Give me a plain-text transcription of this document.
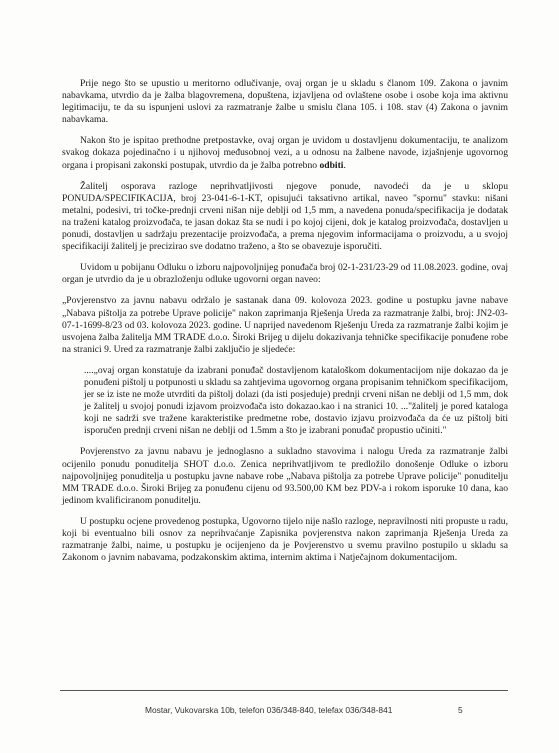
Prije nego što se upustio u meritorno odlučivanje, ovaj organ je u skladu s članom 109. Zakona o javnim nabavkama, utvrdio da je žalba blagovremena, dopuštena, izjavljena od ovlaštene osobe i osobe koja ima aktivnu legitimaciju, te da su ispunjeni uslovi za razmatranje žalbe u smislu člana 105. i 108. stav (4) Zakona o javnim nabavkama.

Nakon što je ispitao prethodne pretpostavke, ovaj organ je uvidom u dostavljenu dokumentaciju, te analizom svakog dokaza pojedinačno i u njihovoj međusobnoj vezi, a u odnosu na žalbene navode, izjašnjenje ugovornog organa i propisani zakonski postupak, utvrdio da je žalba potrebno odbiti.

Žalitelj osporava razloge neprihvatljivosti njegove ponude, navodeći da je u sklopu PONUDA/SPECIFIKACIJA, broj 23-041-6-1-KT, opisujući taksativno artikal, naveo "spornu" stavku: nišani metalni, podesivi, tri točke-prednji crveni nišan nije deblji od 1,5 mm, a navedena ponuda/specifikacija je dodatak na traženi katalog proizvođača, te jasan dokaz šta se nudi i po kojoj cijeni, dok je katalog proizvođača, dostavljen u ponudi, dostavljen u sadržaju prezentacije proizvođača, a prema njegovim informacijama o proizvodu, a u svojoj specifikaciji žalitelj je precizirao sve dodatno traženo, a što se obavezuje isporučiti.

Uvidom u pobijanu Odluku o izboru najpovoljnijeg ponuđača broj 02-1-231/23-29 od 11.08.2023. godine, ovaj organ je utvrdio da je u obrazloženju odluke ugovorni organ naveo:

„Povjerenstvo za javnu nabavu održalo je sastanak dana 09. kolovoza 2023. godine u postupku javne nabave „Nabava pištolja za potrebe Uprave policije" nakon zaprimanja Rješenja Ureda za razmatranje žalbi, broj: JN2-03-07-1-1699-8/23 od 03. kolovoza 2023. godine. U naprijed navedenom Rješenju Ureda za razmatranje žalbi kojim je usvojena žalba žalitelja MM TRADE d.o.o. Široki Brijeg u dijelu dokazivanja tehničke specifikacije ponuđene robe na stranici 9. Ured za razmatranje žalbi zaključio je sljedeće:

....„ovaj organ konstatuje da izabrani ponuđač dostavljenom kataloškom dokumentacijom nije dokazao da je ponuđeni pištolj u potpunosti u skladu sa zahtjevima ugovornog organa propisanim tehničkom specifikacijom, jer se iz iste ne može utvrditi da pištolj dolazi (da isti posjeduje) prednji crveni nišan ne deblji od 1,5 mm, dok je žalitelj u svojoj ponudi izjavom proizvođača isto dokazao.kao i na stranici 10. ..."žalitelj je pored kataloga koji ne sadrži sve tražene karakteristike predmetne robe, dostavio izjavu proizvođača da će uz pištolj biti isporučen prednji crveni nišan ne deblji od 1.5mm a što je izabrani ponuđač propustio učiniti."

Povjerenstvo za javnu nabavu je jednoglasno a sukladno stavovima i nalogu Ureda za razmatranje žalbi ocijenilo ponudu ponuditelja SHOT d.o.o. Zenica neprihvatljivom te predložilo donošenje Odluke o izboru najpovoljnijeg ponuditelja u postupku javne nabave robe „Nabava pištolja za potrebe Uprave policije" ponuditelju MM TRADE d.o.o. Široki Brijeg za ponuđenu cijenu od 93.500,00 KM bez PDV-a i rokom isporuke 10 dana, kao jedinom kvalificiranom ponuditelju.

U postupku ocjene provedenog postupka, Ugovorno tijelo nije našlo razloge, nepravilnosti niti propuste u radu, koji bi eventualno bili osnov za neprihvaćanje Zapisnika povjerenstva nakon zaprimanja Rješenja Ureda za razmatranje žalbi, naime, u postupku je ocijenjeno da je Povjerenstvo u svemu pravilno postupilo u skladu sa Zakonom o javnim nabavama, podzakonskim aktima, internim aktima i Natječajnom dokumentacijom.

Mostar, Vukovarska 10b, telefon 036/348-840, telefax 036/348-841	5
